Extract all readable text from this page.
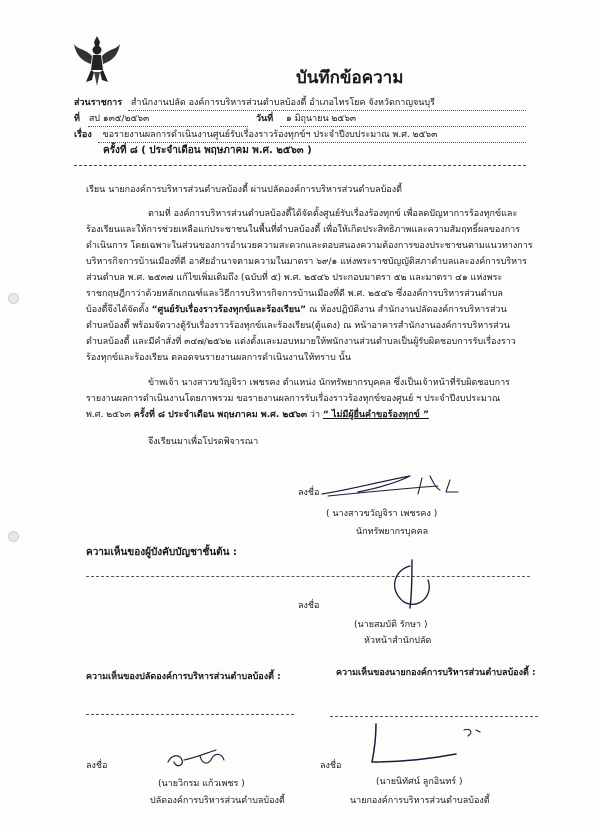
บันทึกข้อความ
ส่วนราชการ สำนักงานปลัด องค์การบริหารส่วนตำบลบ้องตี้ อำเภอไทรโยค จังหวัดกาญจนบุรี
ที่ สป ๑๓๕/๒๕๖๓	วันที่ ๑ มิถุนายน ๒๕๖๓
เรื่อง ขอรายงานผลการดำเนินงานศูนย์รับเรื่องราวร้องทุกข์ฯ ประจำปีงบประมาณ พ.ศ. ๒๕๖๓
ครั้งที่ ๘ ( ประจำเดือน พฤษภาคม พ.ศ. ๒๕๖๓ )
เรียน นายกองค์การบริหารส่วนตำบลบ้องตี้ ผ่านปลัดองค์การบริหารส่วนตำบลบ้องตี้
ตามที่ องค์การบริหารส่วนตำบลบ้องตี้ได้จัดตั้งศูนย์รับเรื่องร้องทุกข์ เพื่อลดปัญหาการร้องทุกข์และ
ร้องเรียนและให้การช่วยเหลือแก่ประชาชนในพื้นที่ตำบลบ้องตี้ เพื่อให้เกิดประสิทธิภาพและความสัมฤทธิ์ผลของการ
ดำเนินการ โดยเฉพาะในส่วนของการอำนวยความสะดวกและตอบสนองความต้องการของประชาชนตามแนวทางการ
บริหารกิจการบ้านเมืองที่ดี อาศัยอำนาจตามความในมาตรา ๖๙/๑ แห่งพระราชบัญญัติสภาตำบลและองค์การบริหาร
ส่วนตำบล พ.ศ. ๒๕๓๗ แก้ไขเพิ่มเติมถึง (ฉบับที่ ๕) พ.ศ. ๒๕๔๖ ประกอบมาตรา ๕๒ และมาตรา ๔๑ แห่งพระ
ราชกฤษฎีกาว่าด้วยหลักเกณฑ์และวิธีการบริหารกิจการบ้านเมืองที่ดี พ.ศ. ๒๕๔๖ ซึ่งองค์การบริหารส่วนตำบล
บ้องตี้จึงได้จัดตั้ง “ศูนย์รับเรื่องราวร้องทุกข์และร้องเรียน” ณ ห้องปฏิบัติงาน สำนักงานปลัดองค์การบริหารส่วน
ตำบลบ้องตี้ พร้อมจัดวางตู้รับเรื่องราวร้องทุกข์และร้องเรียน(ตู้แดง) ณ หน้าอาคารสำนักงานองค์การบริหารส่วน
ตำบลบ้องตี้ และมีคำสั่งที่ ๓๔๗/๒๕๖๒ แต่งตั้งและมอบหมายให้พนักงานส่วนตำบลเป็นผู้รับผิดชอบการรับเรื่องราว
ร้องทุกข์และร้องเรียน ตลอดจนรายงานผลการดำเนินงานให้ทราบ นั้น
ข้าพเจ้า นางสาวขวัญจิรา เพชรคง ตำแหน่ง นักทรัพยากรบุคคล ซึ่งเป็นเจ้าหน้าที่รับผิดชอบการ
รายงานผลการดำเนินงานโดยภาพรวม ขอรายงานผลการรับเรื่องราวร้องทุกข์ของศูนย์ ฯ ประจำปีงบประมาณ
พ.ศ. ๒๕๖๓ ครั้งที่ ๘ ประจำเดือน พฤษภาคม พ.ศ. ๒๕๖๓ ว่า “ ไม่มีผู้ยื่นคำขอร้องทุกข์ ”
จึงเรียนมาเพื่อโปรดพิจารณา
ลงชื่อ
( นางสาวขวัญจิรา เพชรคง )
นักทรัพยากรบุคคล
ความเห็นของผู้บังคับบัญชาชั้นต้น :
ลงชื่อ
(นายสมบัติ รักษา )
หัวหน้าสำนักปลัด
ความเห็นของปลัดองค์การบริหารส่วนตำบลบ้องตี้ :
ลงชื่อ
(นายวิกรม แก้วเพชร )
ปลัดองค์การบริหารส่วนตำบลบ้องตี้
ความเห็นของนายกองค์การบริหารส่วนตำบลบ้องตี้ :
ลงชื่อ
(นายนิทัศน์ ลูกอินทร์ )
นายกองค์การบริหารส่วนตำบลบ้องตี้
